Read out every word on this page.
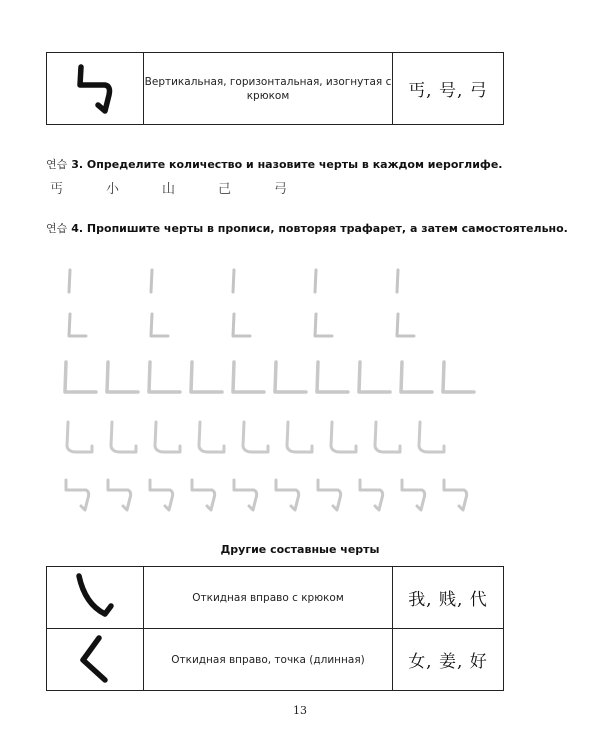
	Вертикальная, горизонтальная, изогнутая с крюком	丐, 号, 弓
연습 3. Определите количество и назовите черты в каждом иероглифе.
丐	小	山	己	弓
연습 4. Пропишите черты в прописи, повторяя трафарет, а затем самостоятельно.
Другие составные черты
	Откидная вправо с крюком	我, 贱, 代

	Откидная вправо, точка (длинная)	女, 姜, 好
13
